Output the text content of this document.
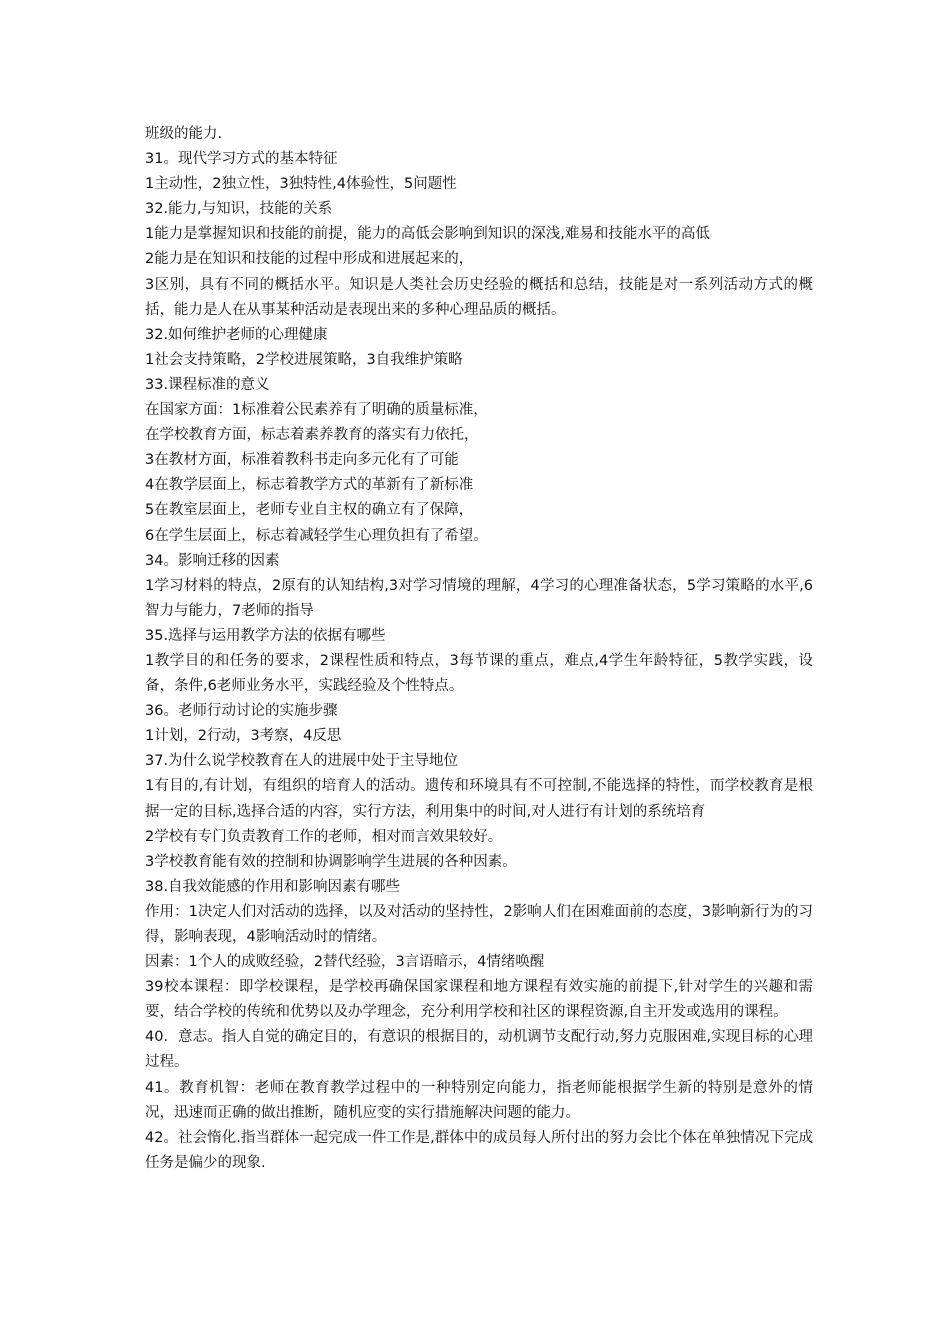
班级的能力.

31。现代学习方式的基本特征

1主动性，2独立性，3独特性,4体验性，5问题性

32.能力,与知识，技能的关系

1能力是掌握知识和技能的前提，能力的高低会影响到知识的深浅,难易和技能水平的高低

2能力是在知识和技能的过程中形成和进展起来的，

3区别，具有不同的概括水平。知识是人类社会历史经验的概括和总结，技能是对一系列活动方式的概括，能力是人在从事某种活动是表现出来的多种心理品质的概括。

32.如何维护老师的心理健康

1社会支持策略，2学校进展策略，3自我维护策略

33.课程标准的意义

在国家方面：1标准着公民素养有了明确的质量标准，

在学校教育方面，标志着素养教育的落实有力依托，

3在教材方面，标准着教科书走向多元化有了可能

4在教学层面上，标志着教学方式的革新有了新标准

5在教室层面上，老师专业自主权的确立有了保障，

6在学生层面上，标志着减轻学生心理负担有了希望。

34。影响迁移的因素

1学习材料的特点，2原有的认知结构,3对学习情境的理解，4学习的心理准备状态，5学习策略的水平,6智力与能力，7老师的指导

35.选择与运用教学方法的依据有哪些

1教学目的和任务的要求，2课程性质和特点，3每节课的重点，难点,4学生年龄特征，5教学实践，设备，条件,6老师业务水平，实践经验及个性特点。

36。老师行动讨论的实施步骤

1计划，2行动，3考察，4反思

37.为什么说学校教育在人的进展中处于主导地位

1有目的,有计划，有组织的培育人的活动。遗传和环境具有不可控制,不能选择的特性，而学校教育是根据一定的目标,选择合适的内容，实行方法，利用集中的时间,对人进行有计划的系统培育

2学校有专门负责教育工作的老师，相对而言效果较好。

3学校教育能有效的控制和协调影响学生进展的各种因素。

38.自我效能感的作用和影响因素有哪些

作用：1决定人们对活动的选择，以及对活动的坚持性，2影响人们在困难面前的态度，3影响新行为的习得，影响表现，4影响活动时的情绪。

因素：1个人的成败经验，2替代经验，3言语暗示，4情绪唤醒

39校本课程：即学校课程，是学校再确保国家课程和地方课程有效实施的前提下,针对学生的兴趣和需要，结合学校的传统和优势以及办学理念，充分利用学校和社区的课程资源,自主开发或选用的课程。

40．意志。指人自觉的确定目的，有意识的根据目的，动机调节支配行动,努力克服困难,实现目标的心理过程。

41。教育机智：老师在教育教学过程中的一种特别定向能力，指老师能根据学生新的特别是意外的情况，迅速而正确的做出推断，随机应变的实行措施解决问题的能力。

42。社会惰化.指当群体一起完成一件工作是,群体中的成员每人所付出的努力会比个体在单独情况下完成任务是偏少的现象.
